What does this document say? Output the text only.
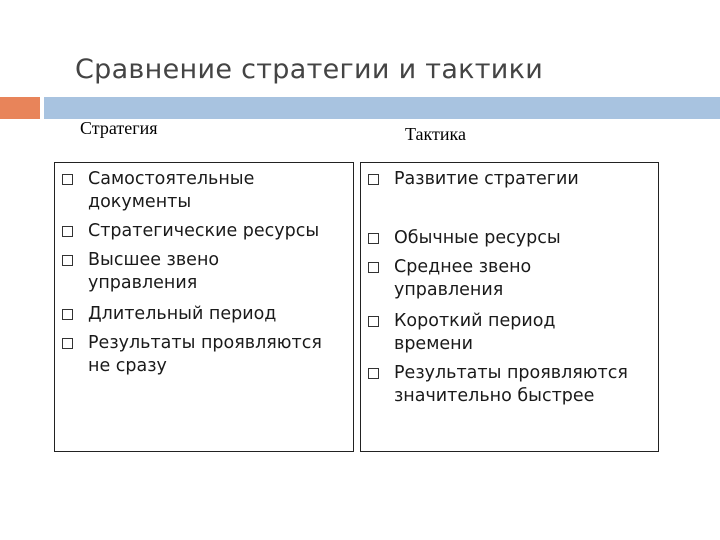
Сравнение стратегии и тактики
Стратегия	Тактика
Самостоятельные документы
Стратегические ресурсы
Высшее звено управления
Длительный период
Результаты проявляются не сразу
Развитие стратегии
Обычные ресурсы
Среднее звено управления
Короткий период времени
Результаты проявляются значительно быстрее
